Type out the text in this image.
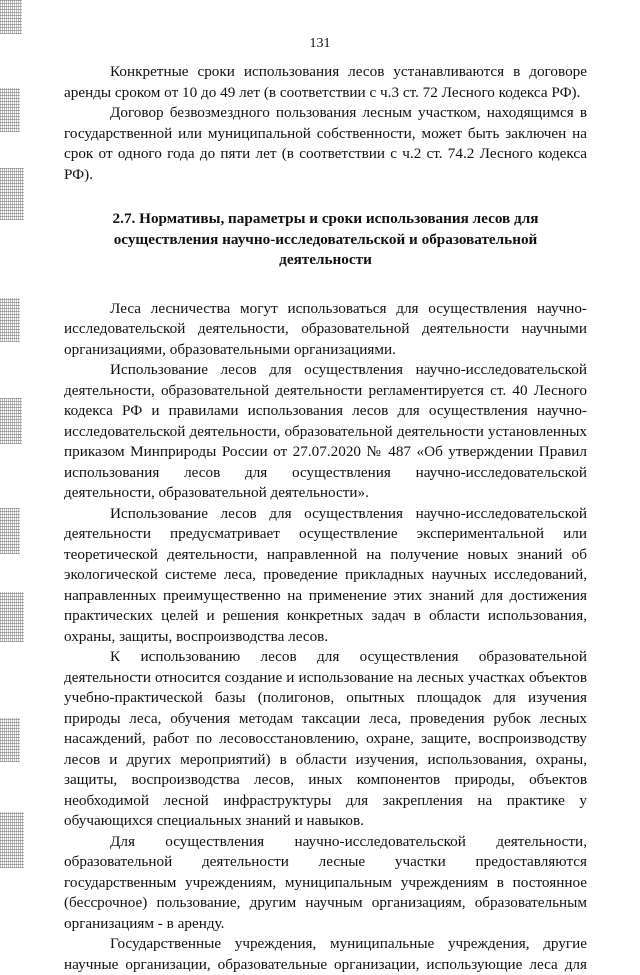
131
Конкретные сроки использования лесов устанавливаются в договоре
аренды сроком от 10 до 49 лет (в соответствии с ч.3 ст. 72 Лесного кодекса РФ).
Договор безвозмездного пользования лесным участком, находящимся в
государственной или муниципальной собственности, может быть заключен на
срок от одного года до пяти лет (в соответствии с ч.2 ст. 74.2 Лесного кодекса
РФ).
2.7. Нормативы, параметры и сроки использования лесов для
осуществления научно-исследовательской и образовательной
деятельности
Леса лесничества могут использоваться для осуществления научно-
исследовательской деятельности, образовательной деятельности научными
организациями, образовательными организациями.
Использование лесов для осуществления научно-исследовательской
деятельности, образовательной деятельности регламентируется ст. 40 Лесного
кодекса РФ и правилами использования лесов для осуществления научно-
исследовательской деятельности, образовательной деятельности установленных
приказом Минприроды России от 27.07.2020 № 487 «Об утверждении Правил
использования лесов для осуществления научно-исследовательской
деятельности, образовательной деятельности».
Использование лесов для осуществления научно-исследовательской
деятельности предусматривает осуществление экспериментальной или
теоретической деятельности, направленной на получение новых знаний об
экологической системе леса, проведение прикладных научных исследований,
направленных преимущественно на применение этих знаний для достижения
практических целей и решения конкретных задач в области использования,
охраны, защиты, воспроизводства лесов.
К использованию лесов для осуществления образовательной
деятельности относится создание и использование на лесных участках объектов
учебно-практической базы (полигонов, опытных площадок для изучения
природы леса, обучения методам таксации леса, проведения рубок лесных
насаждений, работ по лесовосстановлению, охране, защите, воспроизводству
лесов и других мероприятий) в области изучения, использования, охраны,
защиты, воспроизводства лесов, иных компонентов природы, объектов
необходимой лесной инфраструктуры для закрепления на практике у
обучающихся специальных знаний и навыков.
Для осуществления научно-исследовательской деятельности,
образовательной деятельности лесные участки предоставляются
государственным учреждениям, муниципальным учреждениям в постоянное
(бессрочное) пользование, другим научным организациям, образовательным
организациям - в аренду.
Государственные учреждения, муниципальные учреждения, другие
научные организации, образовательные организации, использующие леса для
